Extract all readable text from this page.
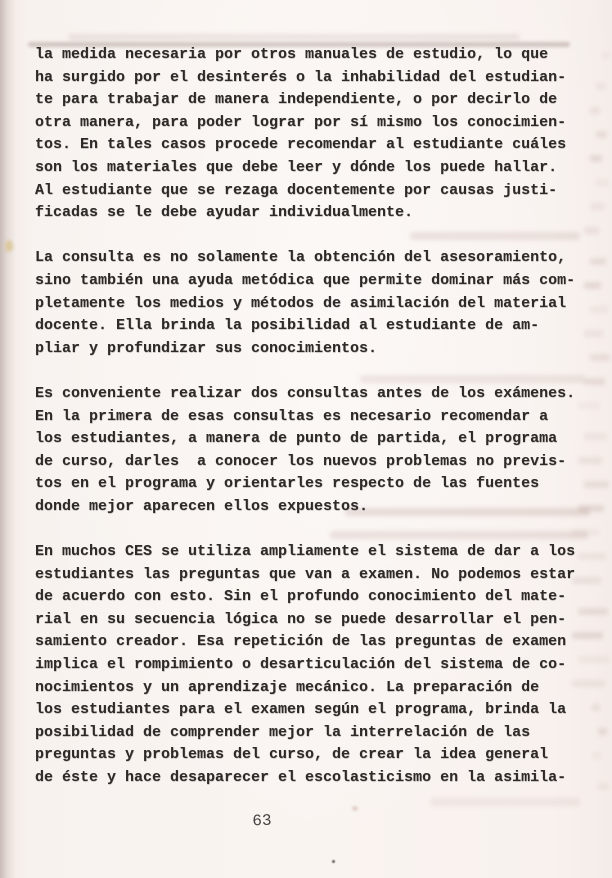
la medida necesaria por otros manuales de estudio, lo que
ha surgido por el desinterés o la inhabilidad del estudian-
te para trabajar de manera independiente, o por decirlo de
otra manera, para poder lograr por sí mismo los conocimien-
tos. En tales casos procede recomendar al estudiante cuáles
son los materiales que debe leer y dónde los puede hallar.
Al estudiante que se rezaga docentemente por causas justi-
ficadas se le debe ayudar individualmente.

La consulta es no solamente la obtención del asesoramiento,
sino también una ayuda metódica que permite dominar más com-
pletamente los medios y métodos de asimilación del material
docente. Ella brinda la posibilidad al estudiante de am-
pliar y profundizar sus conocimientos.

Es conveniente realizar dos consultas antes de los exámenes.
En la primera de esas consultas es necesario recomendar a
los estudiantes, a manera de punto de partida, el programa
de curso, darles  a conocer los nuevos problemas no previs-
tos en el programa y orientarles respecto de las fuentes
donde mejor aparecen ellos expuestos.

En muchos CES se utiliza ampliamente el sistema de dar a los
estudiantes las preguntas que van a examen. No podemos estar
de acuerdo con esto. Sin el profundo conocimiento del mate-
rial en su secuencia lógica no se puede desarrollar el pen-
samiento creador. Esa repetición de las preguntas de examen
implica el rompimiento o desarticulación del sistema de co-
nocimientos y un aprendizaje mecánico. La preparación de
los estudiantes para el examen según el programa, brinda la
posibilidad de comprender mejor la interrelación de las
preguntas y problemas del curso, de crear la idea general
de éste y hace desaparecer el escolasticismo en la asimila-

63
